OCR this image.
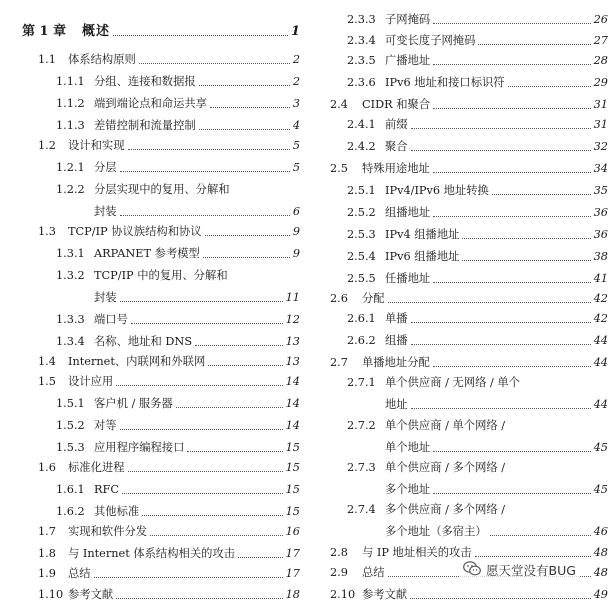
第 1 章	概述	1
1.1	体系结构原则	2
1.1.1 分组、连接和数据报	2
1.1.2 端到端论点和命运共享	3
1.1.3 差错控制和流量控制	4
1.2	设计和实现	5
1.2.1 分层	5
1.2.2 分层实现中的复用、分解和
封装	6
1.3	TCP/IP 协议族结构和协议	9
1.3.1 ARPANET 参考模型	9
1.3.2 TCP/IP 中的复用、分解和
封装	11
1.3.3 端口号	12
1.3.4 名称、地址和 DNS	13
1.4	Internet、内联网和外联网	13
1.5	设计应用	14
1.5.1 客户机 / 服务器	14
1.5.2 对等	14
1.5.3 应用程序编程接口	15
1.6	标准化进程	15
1.6.1 RFC	15
1.6.2 其他标准	15
1.7	实现和软件分发	16
1.8	与 Internet 体系结构相关的攻击	17
1.9	总结	17
1.10 参考文献	18
2.3.3 子网掩码	26
2.3.4 可变长度子网掩码	27
2.3.5 广播地址	28
2.3.6 IPv6 地址和接口标识符	29
2.4	CIDR 和聚合	31
2.4.1 前缀	31
2.4.2 聚合	32
2.5	特殊用途地址	34
2.5.1 IPv4/IPv6 地址转换	35
2.5.2 组播地址	36
2.5.3 IPv4 组播地址	36
2.5.4 IPv6 组播地址	38
2.5.5 任播地址	41
2.6	分配	42
2.6.1 单播	42
2.6.2 组播	44
2.7	单播地址分配	44
2.7.1 单个供应商 / 无网络 / 单个
地址	44
2.7.2 单个供应商 / 单个网络 /
单个地址	45
2.7.3 单个供应商 / 多个网络 /
多个地址	45
2.7.4 多个供应商 / 多个网络 /
多个地址（多宿主）	46
2.8	与 IP 地址相关的攻击	48
2.9	总结	48
2.10 参考文献	49
愿天堂没有BUG
